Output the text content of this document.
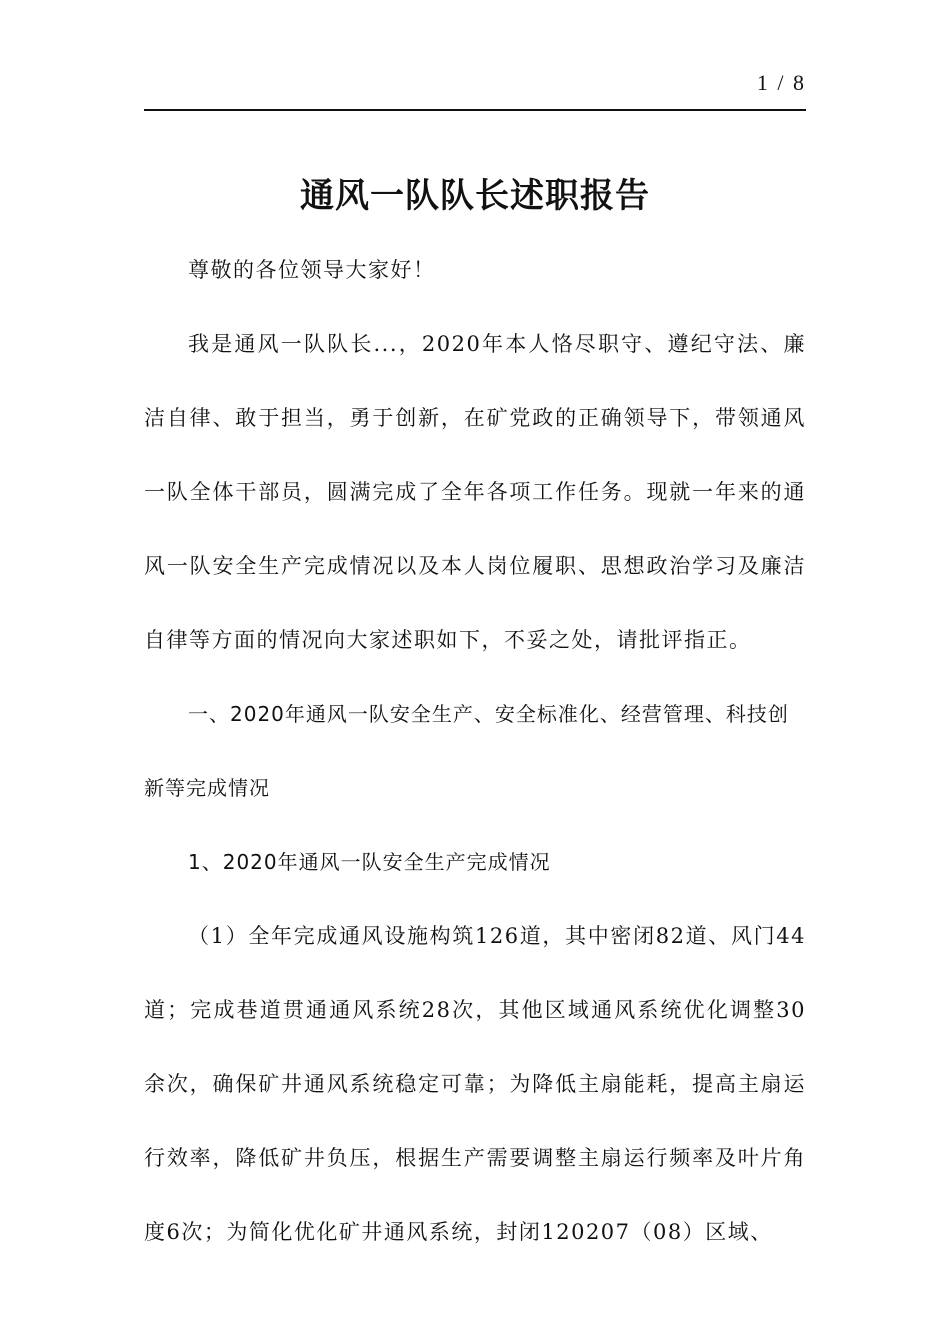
1 / 8
通风一队队长述职报告

尊敬的各位领导大家好！

我是通风一队队长...，2020年本人恪尽职守、遵纪守法、廉洁自律、敢于担当，勇于创新，在矿党政的正确领导下，带领通风一队全体干部员，圆满完成了全年各项工作任务。现就一年来的通风一队安全生产完成情况以及本人岗位履职、思想政治学习及廉洁自律等方面的情况向大家述职如下，不妥之处，请批评指正。

一、2020年通风一队安全生产、安全标准化、经营管理、科技创新等完成情况

1、2020年通风一队安全生产完成情况

（1）全年完成通风设施构筑126道，其中密闭82道、风门44道；完成巷道贯通通风系统28次，其他区域通风系统优化调整30余次，确保矿井通风系统稳定可靠；为降低主扇能耗，提高主扇运行效率，降低矿井负压，根据生产需要调整主扇运行频率及叶片角度6次；为简化优化矿井通风系统，封闭120207（08）区域、
